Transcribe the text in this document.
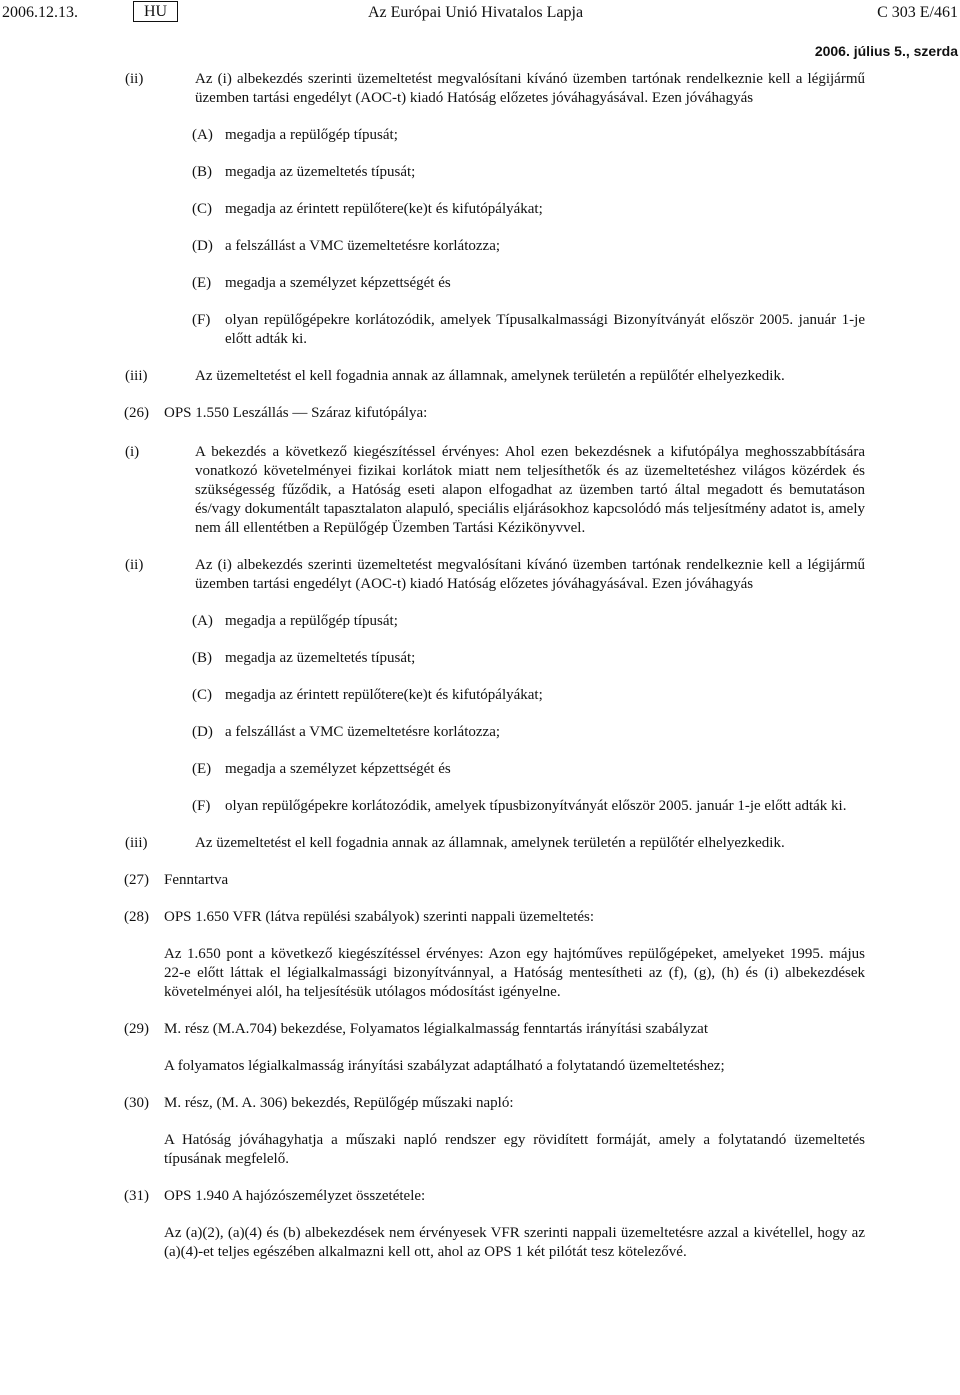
2006.12.13.	HU	Az Európai Unió Hivatalos Lapja	C 303 E/461
2006. július 5., szerda
(ii)	Az (i) albekezdés szerinti üzemeltetést megvalósítani kívánó üzemben tartónak rendelkeznie kell a légijármű üzemben tartási engedélyt (AOC-t) kiadó Hatóság előzetes jóváhagyásával. Ezen jóváhagyás
(A) megadja a repülőgép típusát;
(B) megadja az üzemeltetés típusát;
(C) megadja az érintett repülőtere(ke)t és kifutópályákat;
(D) a felszállást a VMC üzemeltetésre korlátozza;
(E) megadja a személyzet képzettségét és
(F) olyan repülőgépekre korlátozódik, amelyek Típusalkalmassági Bizonyítványát először 2005. január 1-je előtt adták ki.
(iii)	Az üzemeltetést el kell fogadnia annak az államnak, amelynek területén a repülőtér elhelyezkedik.
(26) OPS 1.550 Leszállás — Száraz kifutópálya:
(i)	A bekezdés a következő kiegészítéssel érvényes: Ahol ezen bekezdésnek a kifutópálya meghosszabbítására vonatkozó követelményei fizikai korlátok miatt nem teljesíthetők és az üzemeltetéshez világos közérdek és szükségesség fűződik, a Hatóság eseti alapon elfogadhat az üzemben tartó által megadott és bemutatáson és/vagy dokumentált tapasztalaton alapuló, speciális eljárásokhoz kapcsolódó más teljesítmény adatot is, amely nem áll ellentétben a Repülőgép Üzemben Tartási Kézikönyvvel.
(ii)	Az (i) albekezdés szerinti üzemeltetést megvalósítani kívánó üzemben tartónak rendelkeznie kell a légijármű üzemben tartási engedélyt (AOC-t) kiadó Hatóság előzetes jóváhagyásával. Ezen jóváhagyás
(A) megadja a repülőgép típusát;
(B) megadja az üzemeltetés típusát;
(C) megadja az érintett repülőtere(ke)t és kifutópályákat;
(D) a felszállást a VMC üzemeltetésre korlátozza;
(E) megadja a személyzet képzettségét és
(F) olyan repülőgépekre korlátozódik, amelyek típusbizonyítványát először 2005. január 1-je előtt adták ki.
(iii)	Az üzemeltetést el kell fogadnia annak az államnak, amelynek területén a repülőtér elhelyezkedik.
(27) Fenntartva
(28) OPS 1.650 VFR (látva repülési szabályok) szerinti nappali üzemeltetés:
Az 1.650 pont a következő kiegészítéssel érvényes: Azon egy hajtóműves repülőgépeket, amelyeket 1995. május 22-e előtt láttak el légialkalmassági bizonyítvánnyal, a Hatóság mentesítheti az (f), (g), (h) és (i) albekezdések követelményei alól, ha teljesítésük utólagos módosítást igényelne.
(29) M. rész (M.A.704) bekezdése, Folyamatos légialkalmasság fenntartás irányítási szabályzat
A folyamatos légialkalmasság irányítási szabályzat adaptálható a folytatandó üzemeltetéshez;
(30) M. rész, (M. A. 306) bekezdés, Repülőgép műszaki napló:
A Hatóság jóváhagyhatja a műszaki napló rendszer egy rövidített formáját, amely a folytatandó üzemeltetés típusának megfelelő.
(31) OPS 1.940 A hajózószemélyzet összetétele:
Az (a)(2), (a)(4) és (b) albekezdések nem érvényesek VFR szerinti nappali üzemeltetésre azzal a kivétellel, hogy az (a)(4)-et teljes egészében alkalmazni kell ott, ahol az OPS 1 két pilótát tesz kötelezővé.
